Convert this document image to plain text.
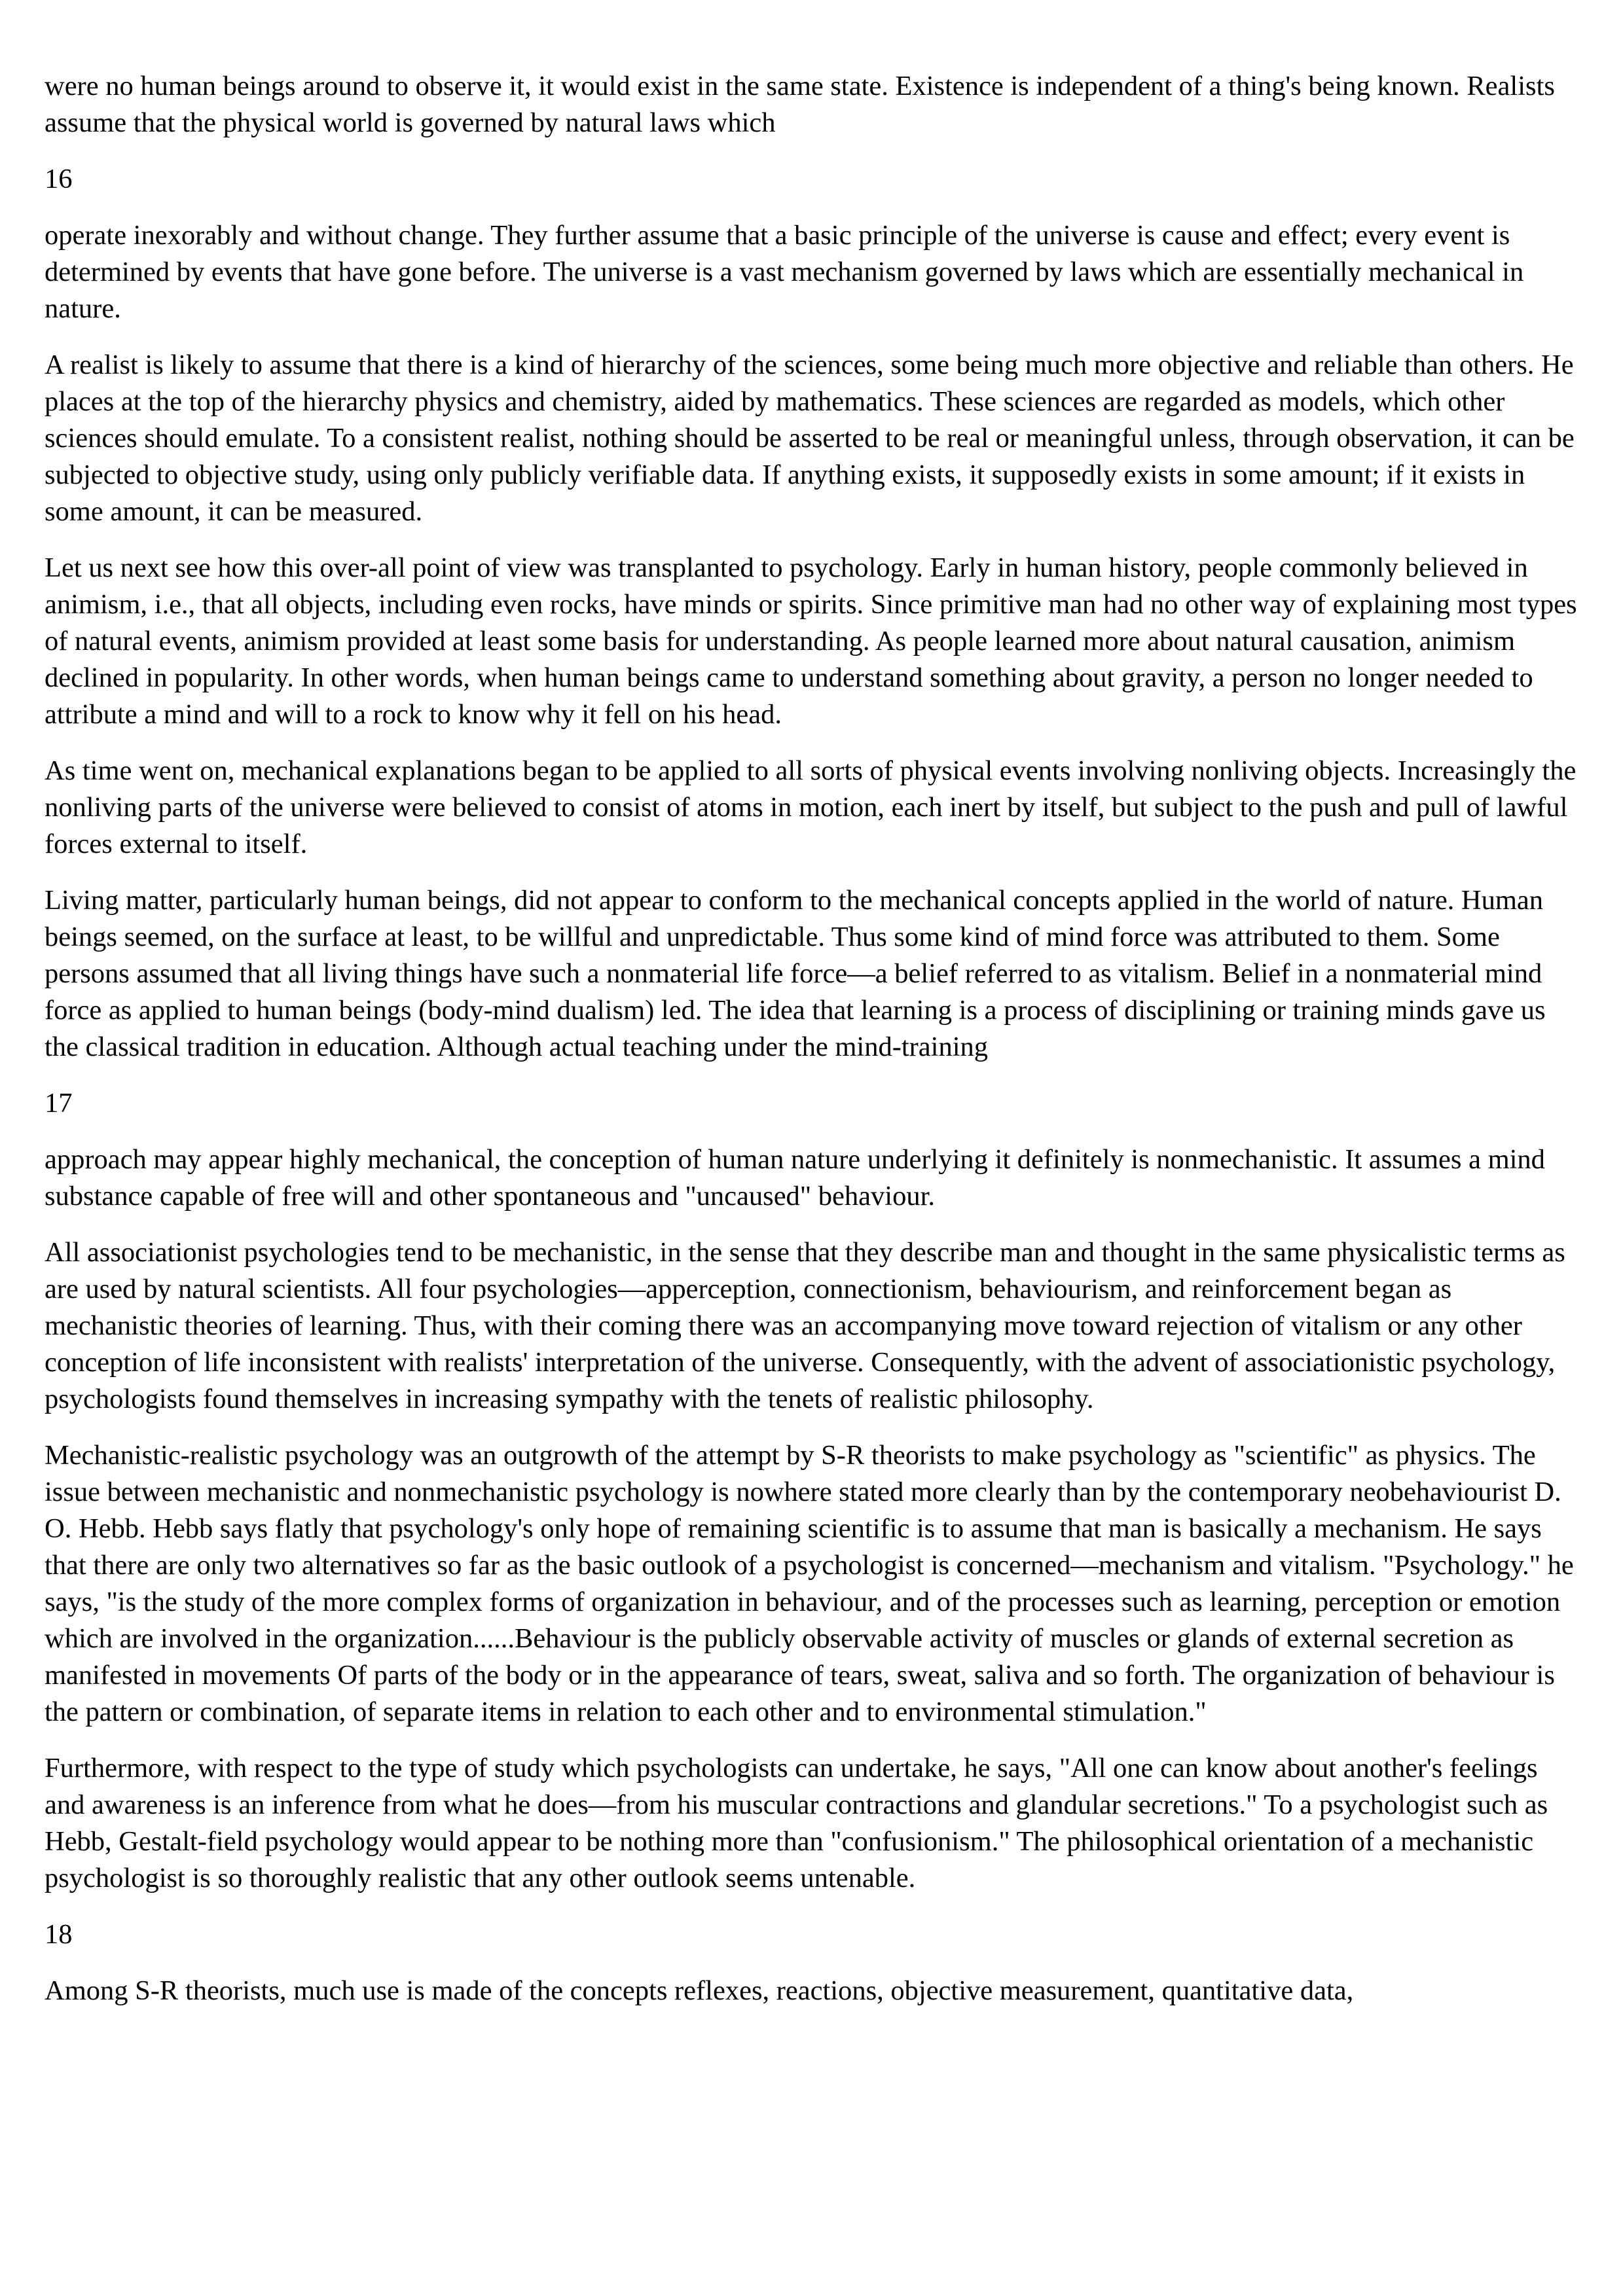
were no human beings around to observe it, it would exist in the same state. Existence is independent of a thing's being known. Realists assume that the physical world is governed by natural laws which

16

operate inexorably and without change. They further assume that a basic principle of the universe is cause and effect; every event is determined by events that have gone before. The universe is a vast mechanism governed by laws which are essentially mechanical in nature.

A realist is likely to assume that there is a kind of hierarchy of the sciences, some being much more objective and reliable than others. He places at the top of the hierarchy physics and chemistry, aided by mathematics. These sciences are regarded as models, which other sciences should emulate. To a consistent realist, nothing should be asserted to be real or meaningful unless, through observation, it can be subjected to objective study, using only publicly verifiable data. If anything exists, it supposedly exists in some amount; if it exists in some amount, it can be measured.

Let us next see how this over-all point of view was transplanted to psychology. Early in human history, people commonly believed in animism, i.e., that all objects, including even rocks, have minds or spirits. Since primitive man had no other way of explaining most types of natural events, animism provided at least some basis for understanding. As people learned more about natural causation, animism declined in popularity. In other words, when human beings came to understand something about gravity, a person no longer needed to attribute a mind and will to a rock to know why it fell on his head.

As time went on, mechanical explanations began to be applied to all sorts of physical events involving nonliving objects. Increasingly the nonliving parts of the universe were believed to consist of atoms in motion, each inert by itself, but subject to the push and pull of lawful forces external to itself.

Living matter, particularly human beings, did not appear to conform to the mechanical concepts applied in the world of nature. Human beings seemed, on the surface at least, to be willful and unpredictable. Thus some kind of mind force was attributed to them. Some persons assumed that all living things have such a nonmaterial life force—a belief referred to as vitalism. Belief in a nonmaterial mind force as applied to human beings (body-mind dualism) led. The idea that learning is a process of disciplining or training minds gave us the classical tradition in education. Although actual teaching under the mind-training

17

approach may appear highly mechanical, the conception of human nature underlying it definitely is nonmechanistic. It assumes a mind substance capable of free will and other spontaneous and "uncaused" behaviour.

All associationist psychologies tend to be mechanistic, in the sense that they describe man and thought in the same physicalistic terms as are used by natural scientists. All four psychologies—apperception, connectionism, behaviourism, and reinforcement began as mechanistic theories of learning. Thus, with their coming there was an accompanying move toward rejection of vitalism or any other conception of life inconsistent with realists' interpretation of the universe. Consequently, with the advent of associationistic psychology, psychologists found themselves in increasing sympathy with the tenets of realistic philosophy.

Mechanistic-realistic psychology was an outgrowth of the attempt by S-R theorists to make psychology as "scientific" as physics. The issue between mechanistic and nonmechanistic psychology is nowhere stated more clearly than by the contemporary neobehaviourist D. O. Hebb. Hebb says flatly that psychology's only hope of remaining scientific is to assume that man is basically a mechanism. He says that there are only two alternatives so far as the basic outlook of a psychologist is concerned—mechanism and vitalism. "Psychology." he says, "is the study of the more complex forms of organization in behaviour, and of the processes such as learning, perception or emotion which are involved in the organization......Behaviour is the publicly observable activity of muscles or glands of external secretion as manifested in movements Of parts of the body or in the appearance of tears, sweat, saliva and so forth. The organization of behaviour is the pattern or combination, of separate items in relation to each other and to environmental stimulation."

Furthermore, with respect to the type of study which psychologists can undertake, he says, "All one can know about another's feelings and awareness is an inference from what he does—from his muscular contractions and glandular secretions." To a psychologist such as Hebb, Gestalt-field psychology would appear to be nothing more than "confusionism." The philosophical orientation of a mechanistic psychologist is so thoroughly realistic that any other outlook seems untenable.

18

Among S-R theorists, much use is made of the concepts reflexes, reactions, objective measurement, quantitative data,
